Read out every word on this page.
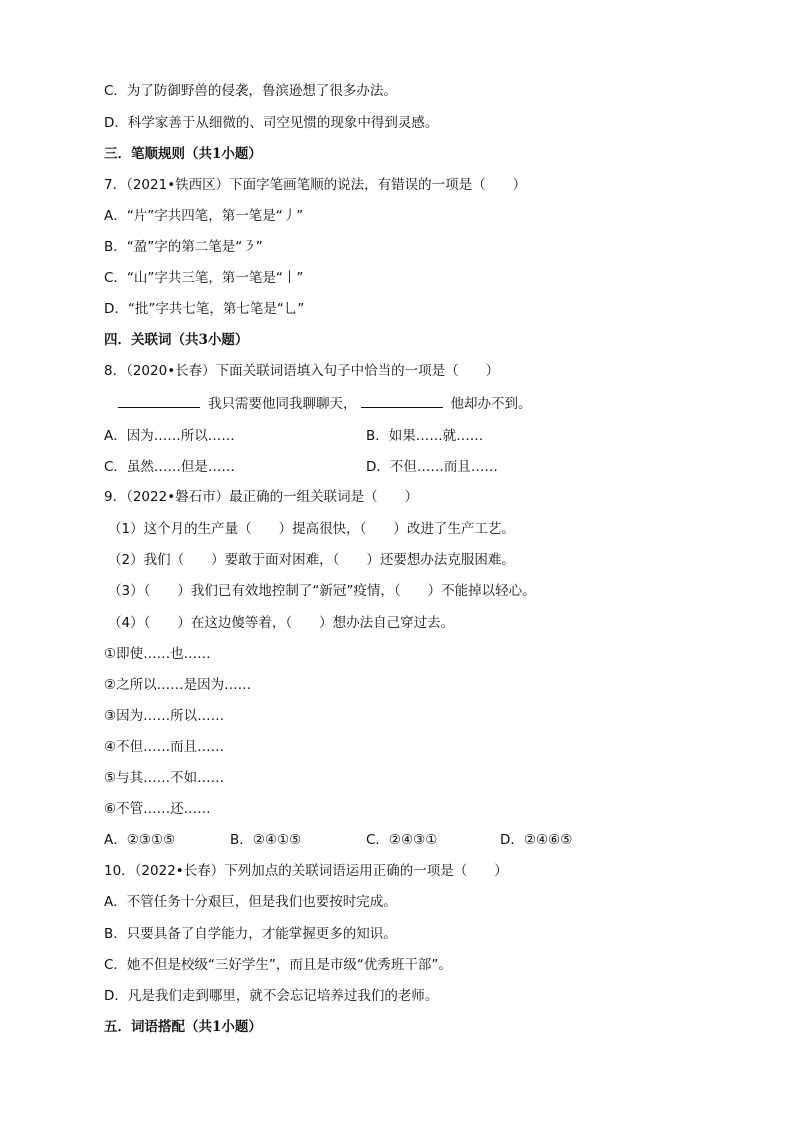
C．为了防御野兽的侵袭，鲁滨逊想了很多办法。
D．科学家善于从细微的、司空见惯的现象中得到灵感。
三．笔顺规则（共1小题）
7．（2021•铁西区）下面字笔画笔顺的说法，有错误的一项是（　　）
A．“片”字共四笔，第一笔是“丿”
B．“盈”字的第二笔是“㇋”
C．“山”字共三笔，第一笔是“丨”
D．“批”字共七笔，第七笔是“乚”
四．关联词（共3小题）
8．（2020•长春）下面关联词语填入句子中恰当的一项是（　　）
我只需要他同我聊聊天，	他却办不到。
A．因为……所以……	B．如果……就……
C．虽然……但是……	D．不但……而且……
9．（2022•磐石市）最正确的一组关联词是（　　）
（1）这个月的生产量（　　）提高很快，（　　）改进了生产工艺。
（2）我们（　　）要敢于面对困难，（　　）还要想办法克服困难。
（3）（　　）我们已有效地控制了“新冠”疫情，（　　）不能掉以轻心。
（4）（　　）在这边傻等着，（　　）想办法自己穿过去。
①即使……也……
②之所以……是因为……
③因为……所以……
④不但……而且……
⑤与其……不如……
⑥不管……还……
A．②③①⑤	B．②④①⑤	C．②④③①	D．②④⑥⑤
10．（2022•长春）下列加点的关联词语运用正确的一项是（　　）
A．不管任务十分艰巨，但是我们也要按时完成。
B．只要具备了自学能力，才能掌握更多的知识。
C．她不但是校级“三好学生”，而且是市级“优秀班干部”。
D．凡是我们走到哪里，就不会忘记培养过我们的老师。
五．词语搭配（共1小题）
